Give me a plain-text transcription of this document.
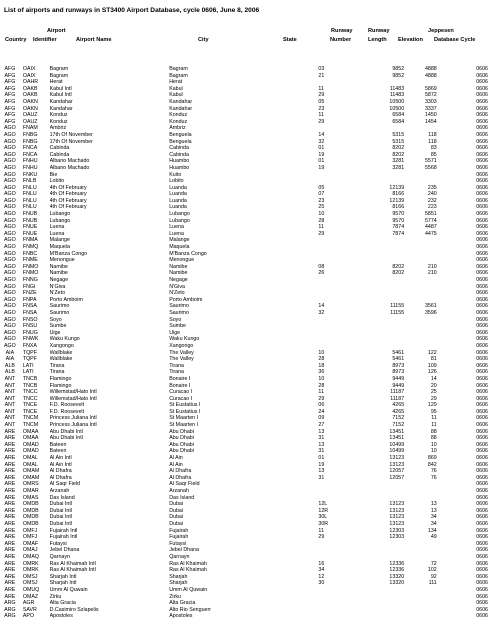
List of airports and runways in ST3400 Airport Database, cycle 0606, June 8, 2006
Airport	Runway	Runway	Jeppesen
Country Identifier	Airport Name	City	State	Number	Length Elevation Database Cycle
AFG	OAIX	Bagram	Bagram		03	9852	4888	0606
AFG	OAIX	Bagram	Bagram		21	9852	4888	0606
AFG	OAHR	Herat	Herat					0606
AFG	OAKB	Kabul Intl	Kabul		11	11483	5869	0606
AFG	OAKB	Kabul Intl	Kabul		29	11483	5872	0606
AFG	OAKN	Kandahar	Kandahar		05	10500	3303	0606
AFG	OAKN	Kandahar	Kandahar		23	10500	3337	0606
AFG	OAUZ	Konduz	Konduz		11	6584	1450	0606
AFG	OAUZ	Konduz	Konduz		29	6584	1454	0606
AGO	FNAM	Ambriz	Ambriz					0606
AGO	FNBG	17th Of November	Benguela		14	5315	118	0606
AGO	FNBG	17th Of November	Benguela		32	5315	118	0606
AGO	FNCA	Cabinda	Cabinda		01	8202	83	0606
AGO	FNCA	Cabinda	Cabinda		19	8202	85	0606
AGO	FNHU	Albano Machado	Huambo		01	3281	5571	0606
AGO	FNHU	Albano Machado	Huambo		19	3281	5568	0606
AGO	FNKU	Bie	Kuito					0606
AGO	FNLB	Lobito	Lobito					0606
AGO	FNLU	4th Of February	Luanda		05	12139	235	0606
AGO	FNLU	4th Of February	Luanda		07	8166	240	0606
AGO	FNLU	4th Of February	Luanda		23	12139	232	0606
AGO	FNLU	4th Of February	Luanda		25	8166	223	0606
AGO	FNUB	Lubango	Lubango		10	9570	5851	0606
AGO	FNUB	Lubango	Lubango		28	9570	5774	0606
AGO	FNUE	Luena	Luena		11	7874	4487	0606
AGO	FNUE	Luena	Luena		29	7874	4475	0606
AGO	FNMA	Malange	Malange					0606
AGO	FNMQ	Maquela	Maquela					0606
AGO	FNBC	M'Banza Congo	M'Banza Congo					0606
AGO	FNME	Menongue	Menongue					0606
AGO	FNMO	Namibe	Namibe		08	8202	210	0606
AGO	FNMO	Namibe	Namibe		26	8202	210	0606
AGO	FNNG	Negage	Negage					0606
AGO	FNGI	N'Giva	N'Giva					0606
AGO	FNZE	N'Zeto	N'Zeto					0606
AGO	FNPA	Porto Amboim	Porto Amboim					0606
AGO	FNSA	Saurimo	Saurimo		14	11155	3561	0606
AGO	FNSA	Saurimo	Saurimo		32	11155	3596	0606
AGO	FNSO	Soyo	Soyo					0606
AGO	FNSU	Sumbe	Sumbe					0606
AGO	FNUG	Uige	Uige					0606
AGO	FNWK	Waku Kungo	Waku Kungo					0606
AGO	FNXA	Xangongo	Xangongo					0606
AIA	TQPF	Wallblake	The Valley		10	5461	122	0606
AIA	TQPF	Wallblake	The Valley		28	5461	81	0606
ALB	LATI	Tirana	Tirana		18	8973	109	0606
ALB	LATI	Tirana	Tirana		36	8973	126	0606
ANT	TNCB	Flamingo	Bonaire I		10	9449	14	0606
ANT	TNCB	Flamingo	Bonaire I		28	9449	20	0606
ANT	TNCC	Willemstad/Hato Intl	Curacao I		11	11187	25	0606
ANT	TNCC	Willemstad/Hato Intl	Curacao I		29	11187	29	0606
ANT	TNCE	F.D. Roosevelt	St Eustatius I		06	4265	129	0606
ANT	TNCE	F.D. Roosevelt	St Eustatius I		24	4265	95	0606
ANT	TNCM	Princess Juliana Intl	St Maarten I		09	7152	11	0606
ANT	TNCM	Princess Juliana Intl	St Maarten I		27	7152	11	0606
ARE	OMAA	Abu Dhabi Intl	Abu Dhabi		13	13451	88	0606
ARE	OMAA	Abu Dhabi Intl	Abu Dhabi		31	13451	88	0606
ARE	OMAD	Bateen	Abu Dhabi		13	10499	10	0606
ARE	OMAD	Bateen	Abu Dhabi		31	10499	10	0606
ARE	OMAL	Al Ain Intl	Al Ain		01	13123	869	0606
ARE	OMAL	Al Ain Intl	Al Ain		19	13123	842	0606
ARE	OMAM	Al Dhafra	Al Dhafra		13	12057	76	0606
ARE	OMAM	Al Dhafra	Al Dhafra		31	12057	76	0606
ARE	OMRS	Al Saqr Field	Al Saqr Field					0606
ARE	OMAR	Arzanah	Arzanah					0606
ARE	OMAS	Das Island	Das Island					0606
ARE	OMDB	Dubai Intl	Dubai		12L	13123	13	0606
ARE	OMDB	Dubai Intl	Dubai		12R	13123	13	0606
ARE	OMDB	Dubai Intl	Dubai		30L	13123	34	0606
ARE	OMDB	Dubai Intl	Dubai		30R	13123	34	0606
ARE	OMFJ	Fujairah Intl	Fujairah		11	12303	134	0606
ARE	OMFJ	Fujairah Intl	Fujairah		29	12303	49	0606
ARE	OMAF	Futaysi	Futaysi					0606
ARE	OMAJ	Jebel Dhana	Jebel Dhana					0606
ARE	OMAQ	Qarnayn	Qarnayn					0606
ARE	OMRK	Ras Al Khaimah Intl	Ras Al Khaimah		16	12336	72	0606
ARE	OMRK	Ras Al Khaimah Intl	Ras Al Khaimah		34	12336	102	0606
ARE	OMSJ	Sharjah Intl	Sharjah		12	13320	92	0606
ARE	OMSJ	Sharjah Intl	Sharjah		30	13320	111	0606
ARE	OMUQ	Umm Al Quwain	Umm Al Quwain					0606
ARE	OMAZ	Zirku	Zirku					0606
ARG	AGR	Alta Gracia	Alta Gracia					0606
ARG	SAVR	D.Casimiro Szlapelis	Alto Rio Senguerr					0606
ARG	APO	Apostoles	Apostoles					0606
